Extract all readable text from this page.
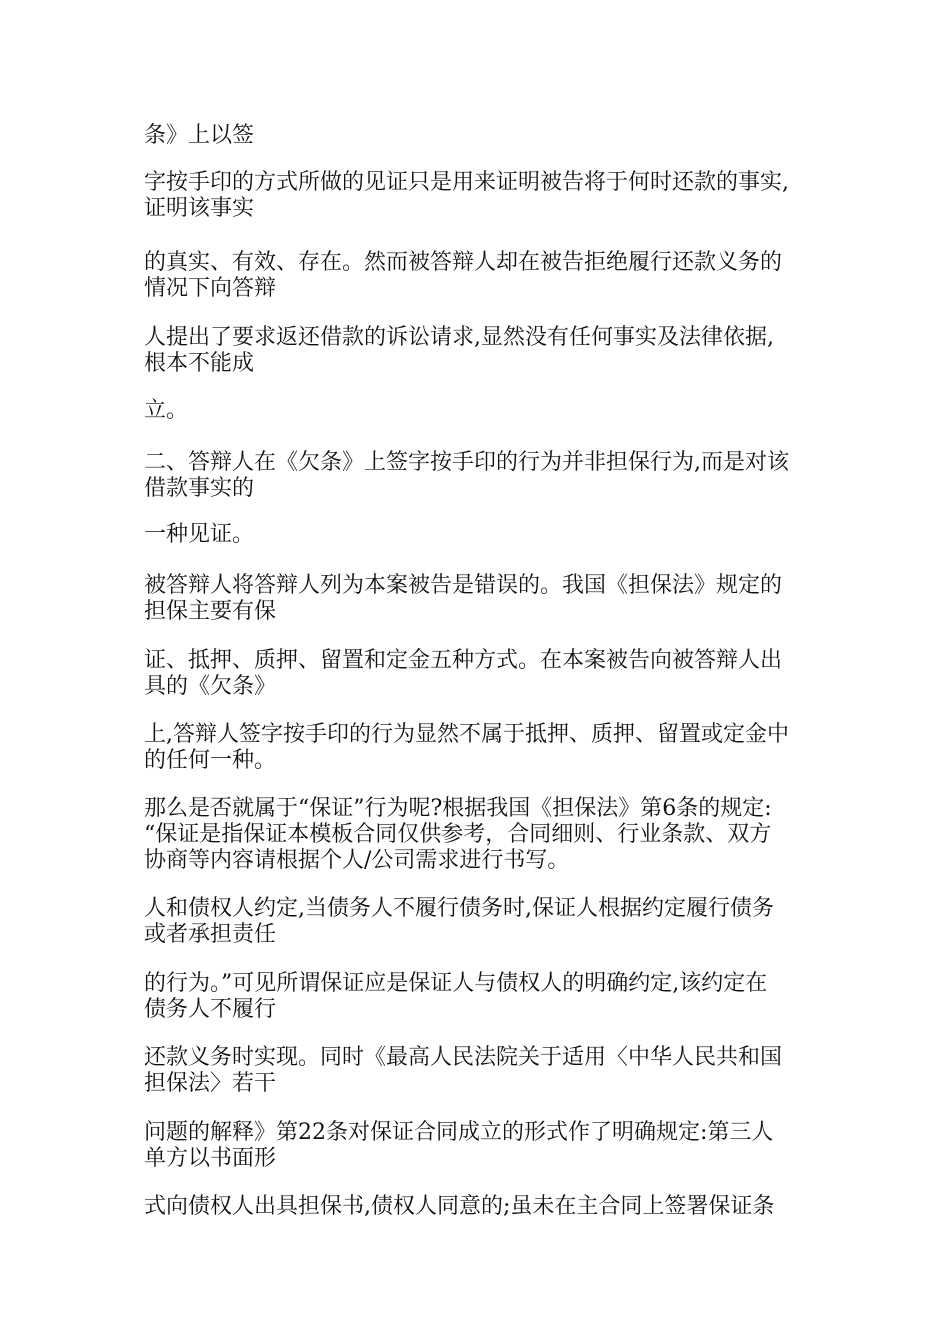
条》上以签

字按手印的方式所做的见证只是用来证明被告将于何时还款的事实,
证明该事实

的真实、有效、存在。然而被答辩人却在被告拒绝履行还款义务的
情况下向答辩

人提出了要求返还借款的诉讼请求,显然没有任何事实及法律依据,
根本不能成

立。

二、答辩人在《欠条》上签字按手印的行为并非担保行为,而是对该
借款事实的

一种见证。

被答辩人将答辩人列为本案被告是错误的。我国《担保法》规定的
担保主要有保

证、抵押、质押、留置和定金五种方式。在本案被告向被答辩人出
具的《欠条》

上,答辩人签字按手印的行为显然不属于抵押、质押、留置或定金中
的任何一种。

那么是否就属于“保证”行为呢?根据我国《担保法》第6条的规定:
“保证是指保证本模板合同仅供参考，合同细则、行业条款、双方
协商等内容请根据个人/公司需求进行书写。

人和债权人约定,当债务人不履行债务时,保证人根据约定履行债务
或者承担责任

的行为。”可见所谓保证应是保证人与债权人的明确约定,该约定在
债务人不履行

还款义务时实现。同时《最高人民法院关于适用〈中华人民共和国
担保法〉若干

问题的解释》第22条对保证合同成立的形式作了明确规定:第三人
单方以书面形

式向债权人出具担保书,债权人同意的;虽未在主合同上签署保证条
